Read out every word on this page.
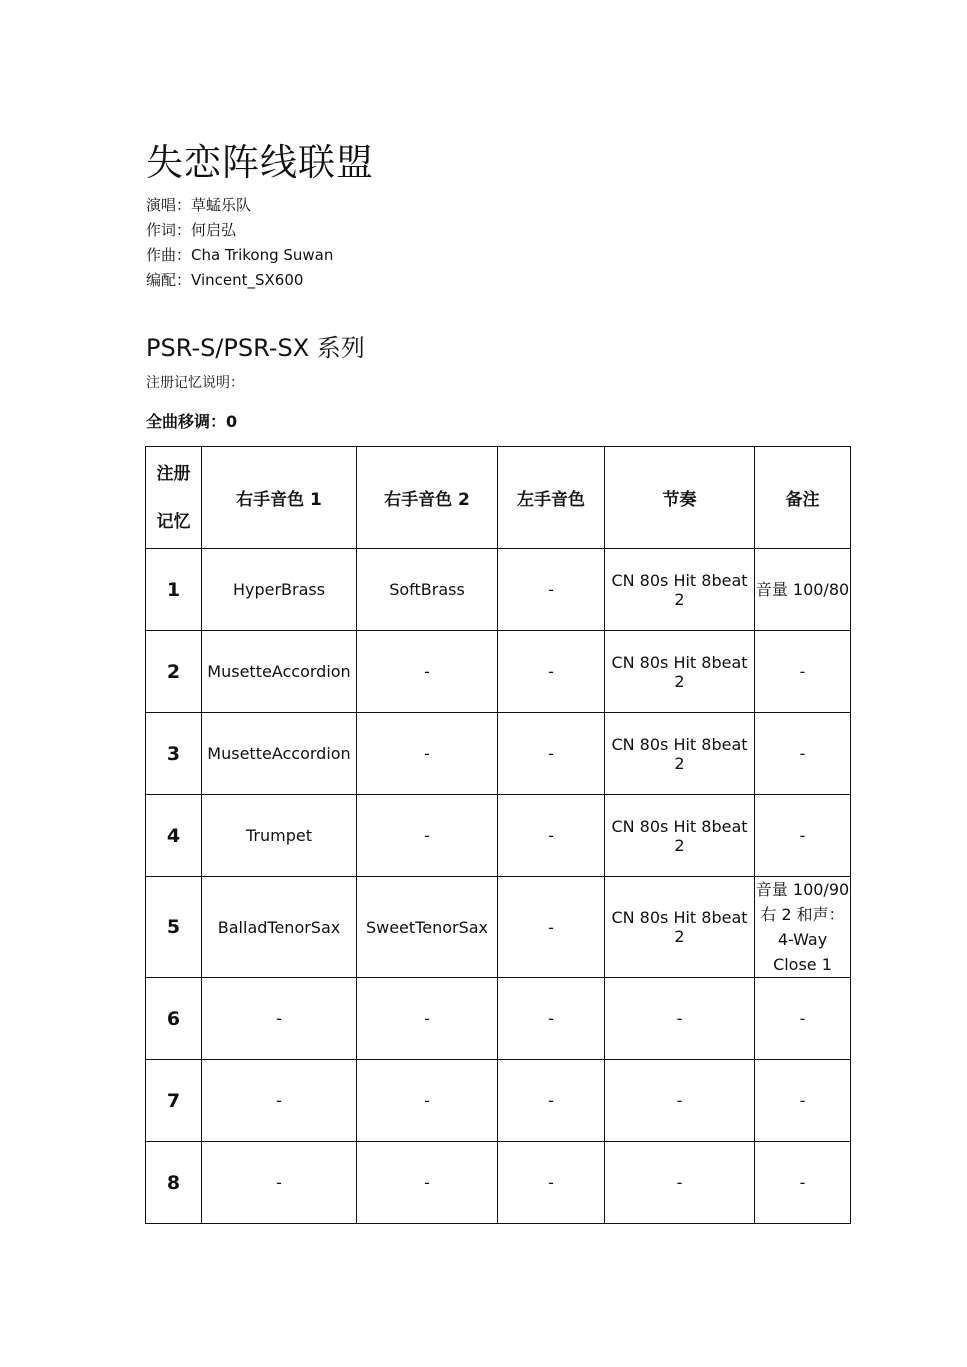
失恋阵线联盟
演唱：草蜢乐队
作词：何启弘
作曲：Cha Trikong Suwan
编配：Vincent_SX600
PSR-S/PSR-SX 系列
注册记忆说明：
全曲移调：0
注册
记忆	右手音色 1	右手音色 2	左手音色	节奏	备注
1	HyperBrass	SoftBrass	-	CN 80s Hit 8beat 2	音量 100/80

2	MusetteAccordion	-	-	CN 80s Hit 8beat 2	-

3	MusetteAccordion	-	-	CN 80s Hit 8beat 2	-

4	Trumpet	-	-	CN 80s Hit 8beat 2	-

5	BalladTenorSax	SweetTenorSax	-	CN 80s Hit 8beat 2	音量 100/90
右 2 和声：
4-Way Close 1

6	-	-	-	-	-

7	-	-	-	-	-

8	-	-	-	-	-
